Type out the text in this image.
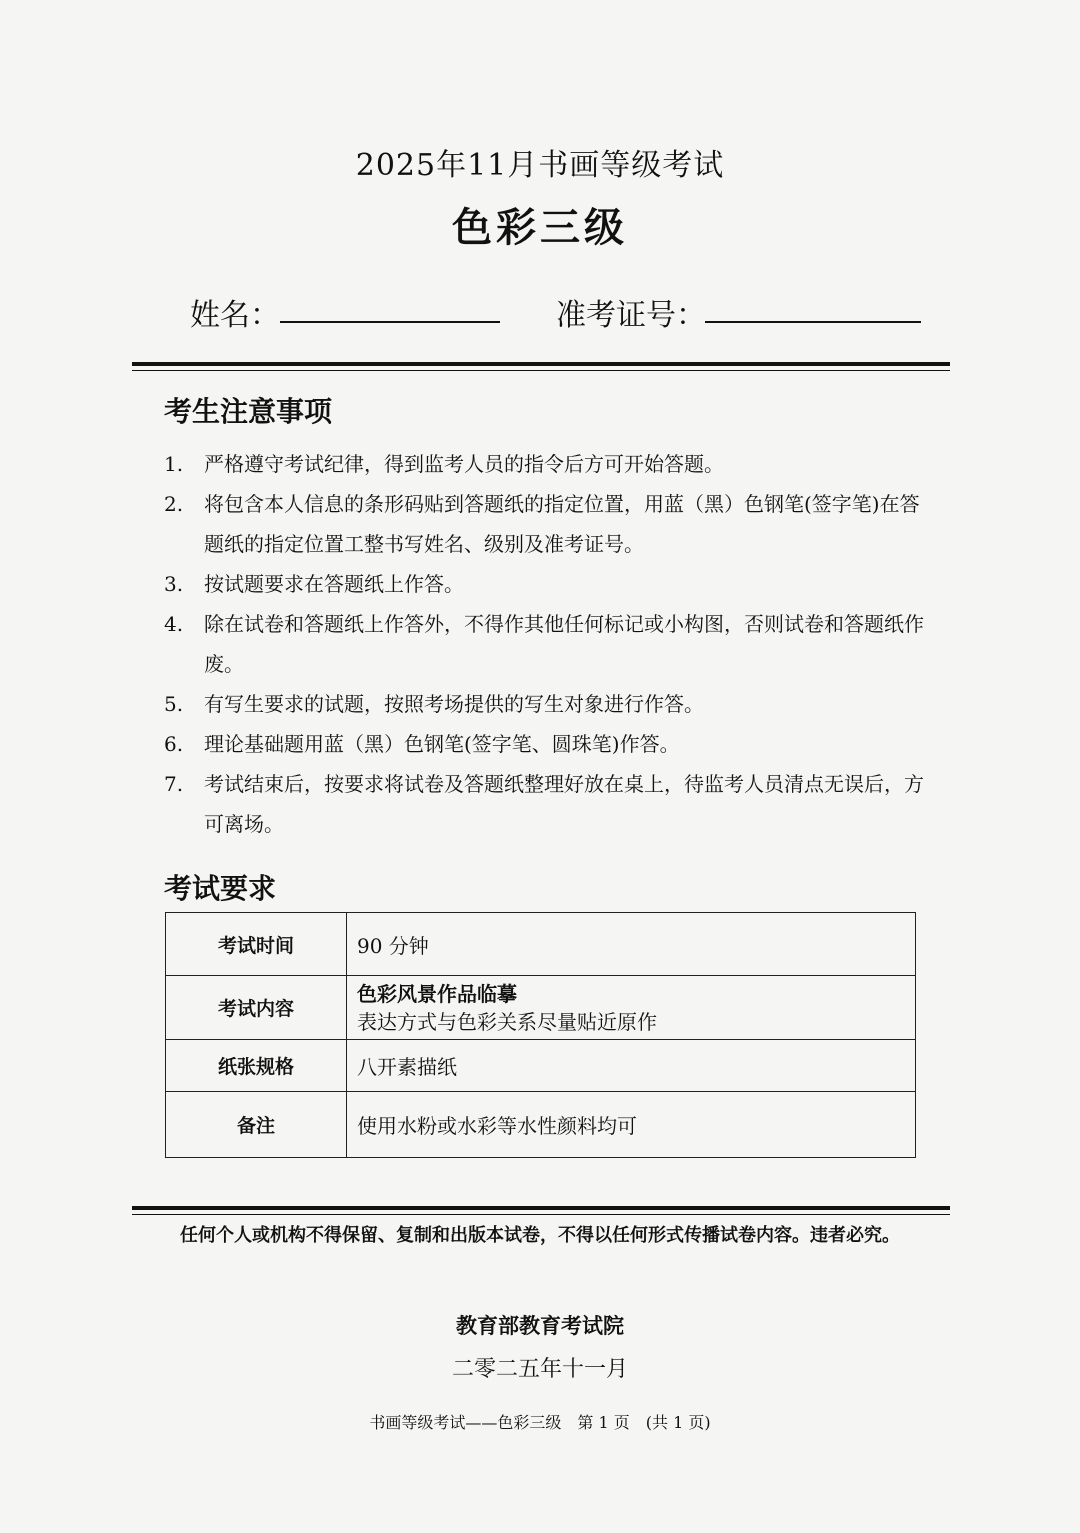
2025年11月书画等级考试
色彩三级
姓名：	准考证号：
考生注意事项
1.	严格遵守考试纪律，得到监考人员的指令后方可开始答题。
2.	将包含本人信息的条形码贴到答题纸的指定位置，用蓝（黑）色钢笔(签字笔)在答题纸的指定位置工整书写姓名、级别及准考证号。
3.	按试题要求在答题纸上作答。
4.	除在试卷和答题纸上作答外，不得作其他任何标记或小构图，否则试卷和答题纸作废。
5.	有写生要求的试题，按照考场提供的写生对象进行作答。
6.	理论基础题用蓝（黑）色钢笔(签字笔、圆珠笔)作答。
7.	考试结束后，按要求将试卷及答题纸整理好放在桌上，待监考人员清点无误后，方可离场。
考试要求
考试时间	90 分钟
考试内容	色彩风景作品临摹
表达方式与色彩关系尽量贴近原作

纸张规格	八开素描纸
备注	使用水粉或水彩等水性颜料均可
任何个人或机构不得保留、复制和出版本试卷，不得以任何形式传播试卷内容。违者必究。
教育部教育考试院
二零二五年十一月
书画等级考试——色彩三级　第 1 页　(共 1 页)
